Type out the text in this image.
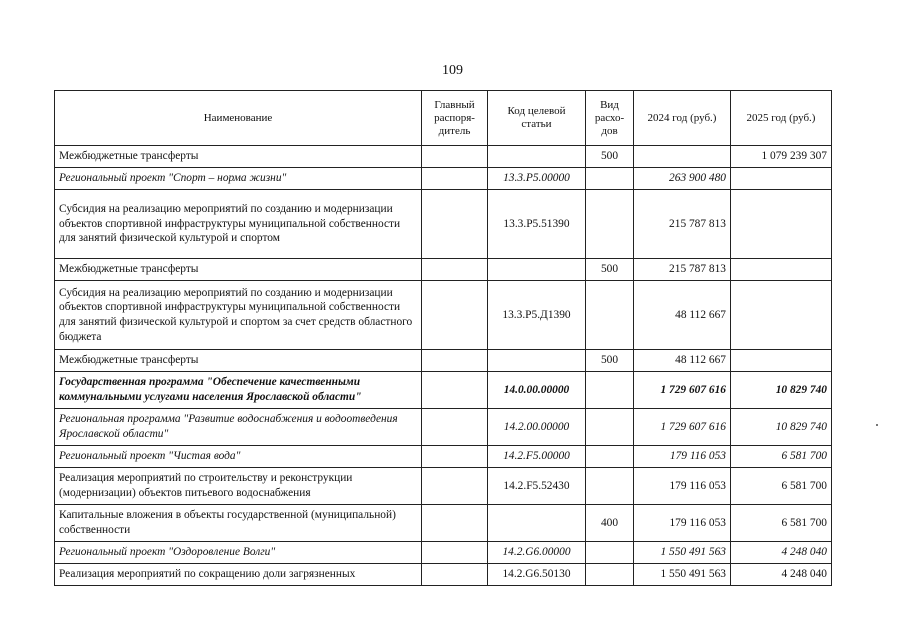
109
Наименование	Главный распоря-дитель	Код целевой статьи	Вид расхо-дов	2024 год (руб.)	2025 год (руб.)
Межбюджетные трансферты			500		1 079 239 307
Региональный проект "Спорт – норма жизни"		13.3.Р5.00000		263 900 480	
Субсидия на реализацию мероприятий по созданию и модернизации объектов спортивной инфраструктуры муниципальной собственности для занятий физической культурой и спортом		13.3.Р5.51390		215 787 813	
Межбюджетные трансферты			500	215 787 813	
Субсидия на реализацию мероприятий по созданию и модернизации объектов спортивной инфраструктуры муниципальной собственности для занятий физической культурой и спортом за счет средств областного бюджета		13.3.Р5.Д1390		48 112 667	
Межбюджетные трансферты			500	48 112 667	
Государственная программа "Обеспечение качественными коммунальными услугами населения Ярославской области"		14.0.00.00000		1 729 607 616	10 829 740
Региональная программа "Развитие водоснабжения и водоотведения Ярославской области"		14.2.00.00000		1 729 607 616	10 829 740
Региональный проект "Чистая вода"		14.2.F5.00000		179 116 053	6 581 700
Реализация мероприятий по строительству и реконструкции (модернизации) объектов питьевого водоснабжения		14.2.F5.52430		179 116 053	6 581 700
Капитальные вложения в объекты государственной (муниципальной) собственности			400	179 116 053	6 581 700
Региональный проект "Оздоровление Волги"		14.2.G6.00000		1 550 491 563	4 248 040
Реализация мероприятий по сокращению доли загрязненных		14.2.G6.50130		1 550 491 563	4 248 040
